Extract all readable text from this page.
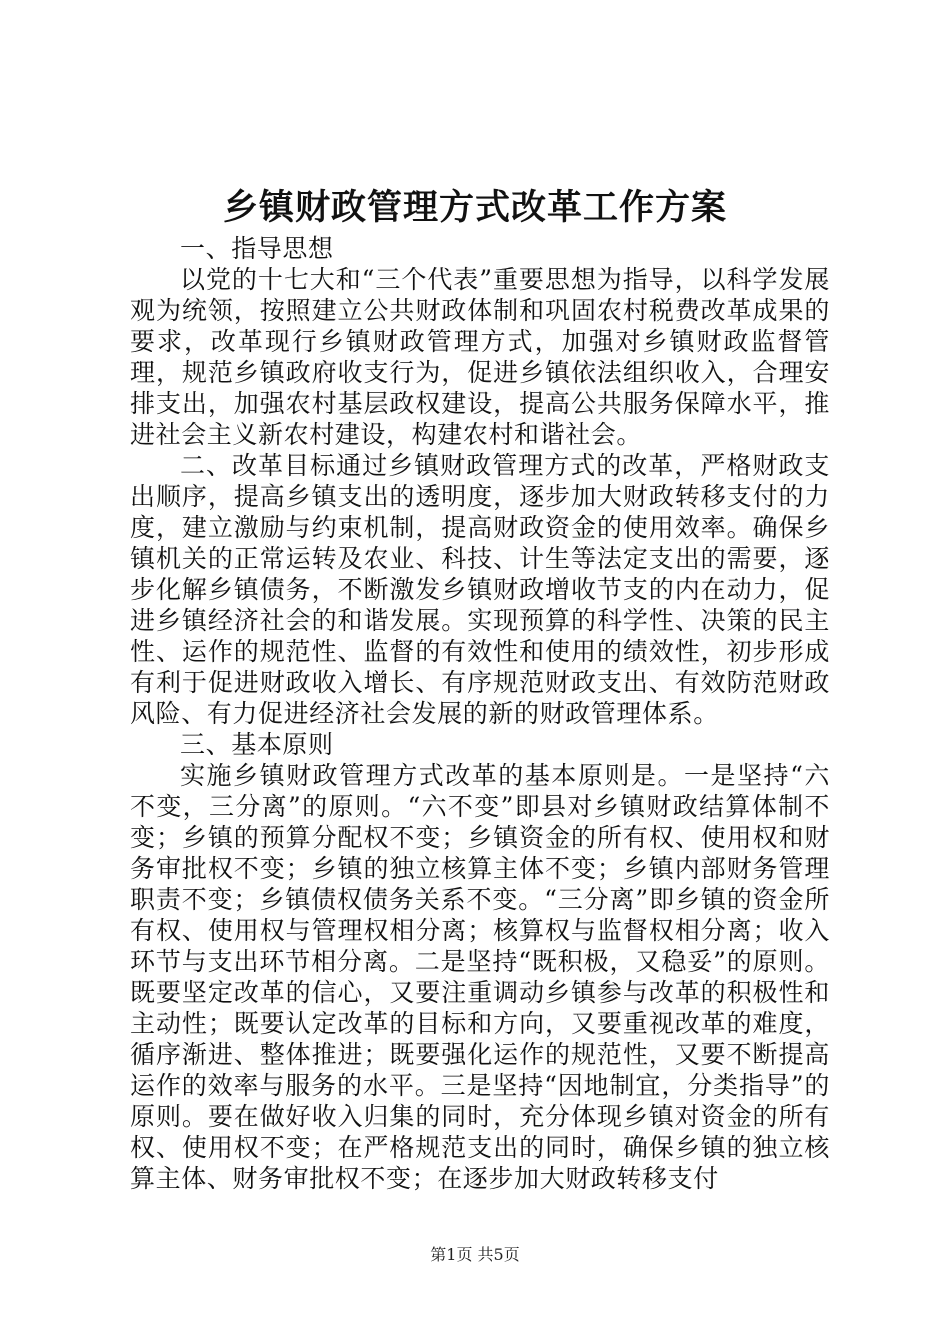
乡镇财政管理方式改革工作方案

一、指导思想

以党的十七大和“三个代表”重要思想为指导，以科学发展观为统领，按照建立公共财政体制和巩固农村税费改革成果的要求，改革现行乡镇财政管理方式，加强对乡镇财政监督管理，规范乡镇政府收支行为，促进乡镇依法组织收入，合理安排支出，加强农村基层政权建设，提高公共服务保障水平，推进社会主义新农村建设，构建农村和谐社会。

二、改革目标通过乡镇财政管理方式的改革，严格财政支出顺序，提高乡镇支出的透明度，逐步加大财政转移支付的力度，建立激励与约束机制，提高财政资金的使用效率。确保乡镇机关的正常运转及农业、科技、计生等法定支出的需要，逐步化解乡镇债务，不断激发乡镇财政增收节支的内在动力，促进乡镇经济社会的和谐发展。实现预算的科学性、决策的民主性、运作的规范性、监督的有效性和使用的绩效性，初步形成有利于促进财政收入增长、有序规范财政支出、有效防范财政风险、有力促进经济社会发展的新的财政管理体系。

三、基本原则

实施乡镇财政管理方式改革的基本原则是。一是坚持“六不变，三分离”的原则。“六不变”即县对乡镇财政结算体制不变；乡镇的预算分配权不变；乡镇资金的所有权、使用权和财务审批权不变；乡镇的独立核算主体不变；乡镇内部财务管理职责不变；乡镇债权债务关系不变。“三分离”即乡镇的资金所有权、使用权与管理权相分离；核算权与监督权相分离；收入环节与支出环节相分离。二是坚持“既积极，又稳妥”的原则。既要坚定改革的信心，又要注重调动乡镇参与改革的积极性和主动性；既要认定改革的目标和方向，又要重视改革的难度，循序渐进、整体推进；既要强化运作的规范性，又要不断提高运作的效率与服务的水平。三是坚持“因地制宜，分类指导”的原则。要在做好收入归集的同时，充分体现乡镇对资金的所有权、使用权不变；在严格规范支出的同时，确保乡镇的独立核算主体、财务审批权不变；在逐步加大财政转移支付

第1页 共5页
